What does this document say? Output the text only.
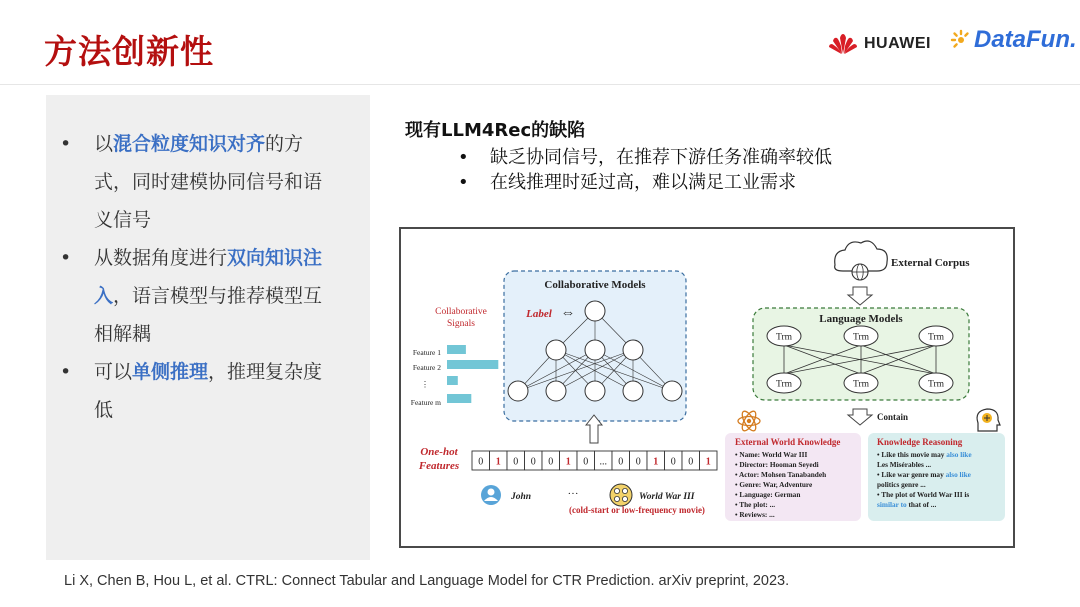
方法创新性	HUAWEI DataFun.
• 以混合粒度知识对齐的方式，同时建模协同信号和语义信号
• 从数据角度进行双向知识注入，语言模型与推荐模型互相解耦
• 可以单侧推理，推理复杂度低
现有LLM4Rec的缺陷
• 缺乏协同信号，在推荐下游任务准确率较低
• 在线推理时延过高，难以满足工业需求
Collaborative Models
Label ⇔
Collaborative
Signals
Feature 1
Feature 2
⋮
Feature m
One-hot
Features 0 1 0 0 0 1 0 ... 0 0 1 0 0 1
John	···	World War III
(cold-start or low-frequency movie)
External Corpus
Language Models
Trm	Trm	Trm
Trm	Trm	Trm
Contain
External World Knowledge
• Name: World War III
• Director: Hooman Seyedi
• Actor: Mohsen Tanabandeh
• Genre: War, Adventure
• Language: German
• The plot: ...
• Reviews: ...
Knowledge Reasoning
• Like this movie may also like
Les Misérables ...
• Like war genre may also like
politics genre ...
• The plot of World War III is
similar to that of ...
Li X, Chen B, Hou L, et al. CTRL: Connect Tabular and Language Model for CTR Prediction. arXiv preprint, 2023.
